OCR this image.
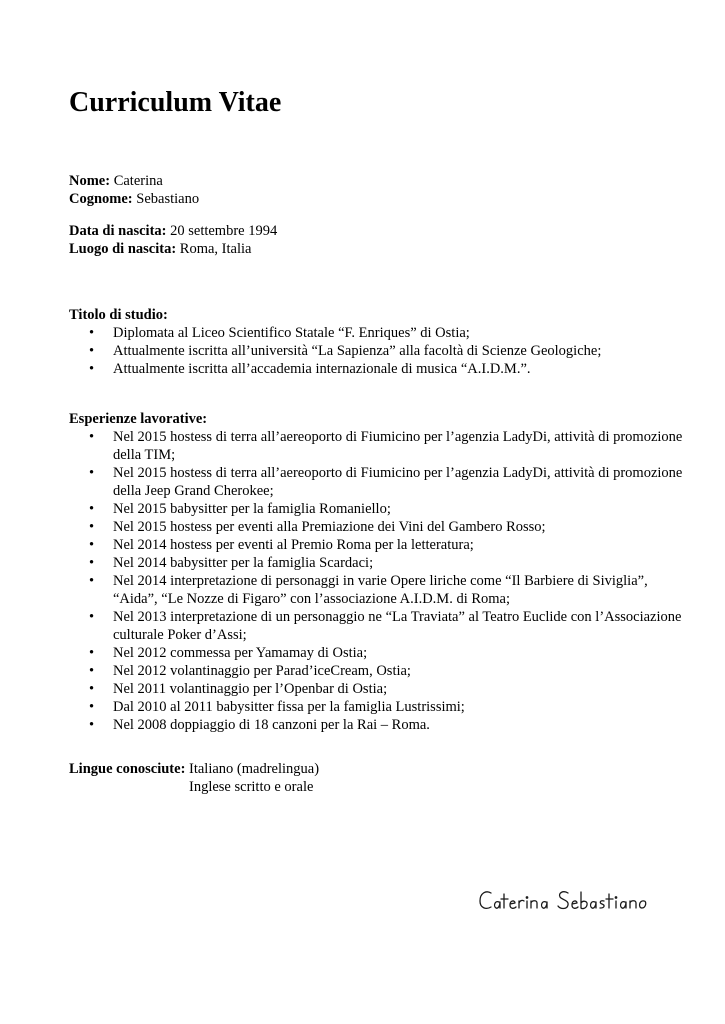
Curriculum Vitae
Nome: Caterina
Cognome: Sebastiano
Data di nascita: 20 settembre 1994
Luogo di nascita: Roma, Italia
Titolo di studio:
• Diplomata al Liceo Scientifico Statale “F. Enriques” di Ostia;
• Attualmente iscritta all’università “La Sapienza” alla facoltà di Scienze Geologiche;
• Attualmente iscritta all’accademia internazionale di musica “A.I.D.M.”.
Esperienze lavorative:
• Nel 2015 hostess di terra all’aereoporto di Fiumicino per l’agenzia LadyDi, attività di promozione della TIM;
• Nel 2015 hostess di terra all’aereoporto di Fiumicino per l’agenzia LadyDi, attività di promozione della Jeep Grand Cherokee;
• Nel 2015 babysitter per la famiglia Romaniello;
• Nel 2015 hostess per eventi alla Premiazione dei Vini del Gambero Rosso;
• Nel 2014 hostess per eventi al Premio Roma per la letteratura;
• Nel 2014 babysitter per la famiglia Scardaci;
• Nel 2014 interpretazione di personaggi in varie Opere liriche come “Il Barbiere di Siviglia”, “Aida”, “Le Nozze di Figaro” con l’associazione A.I.D.M. di Roma;
• Nel 2013 interpretazione di un personaggio ne “La Traviata” al Teatro Euclide con l’Associazione culturale Poker d’Assi;
• Nel 2012 commessa per Yamamay di Ostia;
• Nel 2012 volantinaggio per Parad’iceCream, Ostia;
• Nel 2011 volantinaggio per l’Openbar di Ostia;
• Dal 2010 al 2011 babysitter fissa per la famiglia Lustrissimi;
• Nel 2008 doppiaggio di 18 canzoni per la Rai – Roma.
Lingue conosciute: Italiano (madrelingua)
Inglese scritto e orale
